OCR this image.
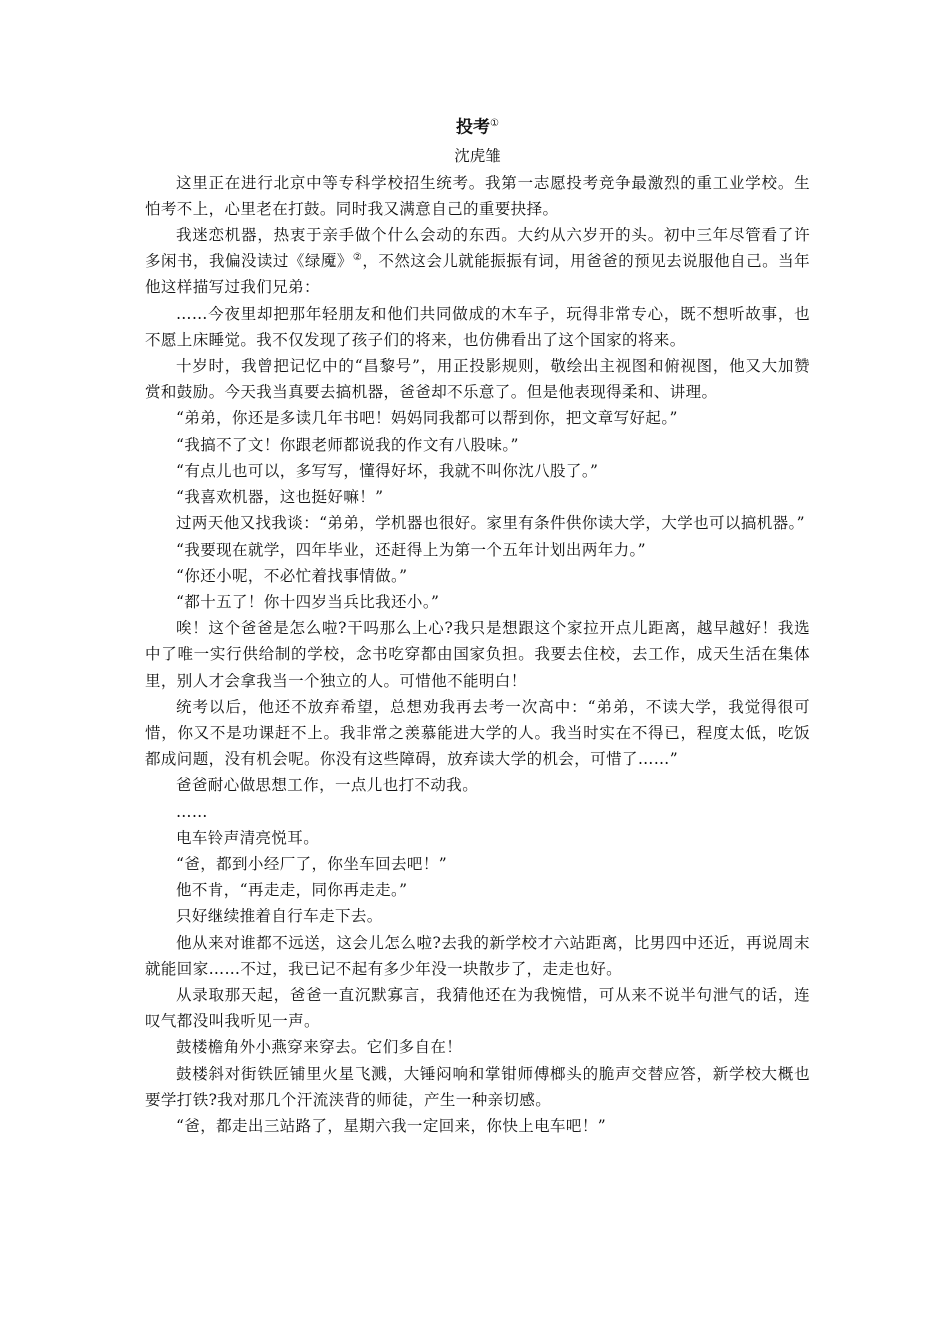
投考①
沈虎雏

这里正在进行北京中等专科学校招生统考。我第一志愿投考竞争最激烈的重工业学校。生怕考不上，心里老在打鼓。同时我又满意自己的重要抉择。

我迷恋机器，热衷于亲手做个什么会动的东西。大约从六岁开的头。初中三年尽管看了许多闲书，我偏没读过《绿魇》②，不然这会儿就能振振有词，用爸爸的预见去说服他自己。当年他这样描写过我们兄弟：

……今夜里却把那年轻朋友和他们共同做成的木车子，玩得非常专心，既不想听故事，也不愿上床睡觉。我不仅发现了孩子们的将来，也仿佛看出了这个国家的将来。

十岁时，我曾把记忆中的“昌黎号”，用正投影规则，敬绘出主视图和俯视图，他又大加赞赏和鼓励。今天我当真要去搞机器，爸爸却不乐意了。但是他表现得柔和、讲理。

“弟弟，你还是多读几年书吧！妈妈同我都可以帮到你，把文章写好起。”

“我搞不了文！你跟老师都说我的作文有八股味。”

“有点儿也可以，多写写，懂得好坏，我就不叫你沈八股了。”

“我喜欢机器，这也挺好嘛！”

过两天他又找我谈：“弟弟，学机器也很好。家里有条件供你读大学，大学也可以搞机器。”

“我要现在就学，四年毕业，还赶得上为第一个五年计划出两年力。”

“你还小呢，不必忙着找事情做。”

“都十五了！你十四岁当兵比我还小。”

唉！这个爸爸是怎么啦?干吗那么上心?我只是想跟这个家拉开点儿距离，越早越好！我选中了唯一实行供给制的学校，念书吃穿都由国家负担。我要去住校，去工作，成天生活在集体里，别人才会拿我当一个独立的人。可惜他不能明白！

统考以后，他还不放弃希望，总想劝我再去考一次高中：“弟弟，不读大学，我觉得很可惜，你又不是功课赶不上。我非常之羡慕能进大学的人。我当时实在不得已，程度太低，吃饭都成问题，没有机会呢。你没有这些障碍，放弃读大学的机会，可惜了……”

爸爸耐心做思想工作，一点儿也打不动我。

……

电车铃声清亮悦耳。

“爸，都到小经厂了，你坐车回去吧！”

他不肯，“再走走，同你再走走。”

只好继续推着自行车走下去。

他从来对谁都不远送，这会儿怎么啦?去我的新学校才六站距离，比男四中还近，再说周末就能回家……不过，我已记不起有多少年没一块散步了，走走也好。

从录取那天起，爸爸一直沉默寡言，我猜他还在为我惋惜，可从来不说半句泄气的话，连叹气都没叫我听见一声。

鼓楼檐角外小燕穿来穿去。它们多自在！

鼓楼斜对街铁匠铺里火星飞溅，大锤闷响和掌钳师傅榔头的脆声交替应答，新学校大概也要学打铁?我对那几个汗流浃背的师徒，产生一种亲切感。

“爸，都走出三站路了，星期六我一定回来，你快上电车吧！”
